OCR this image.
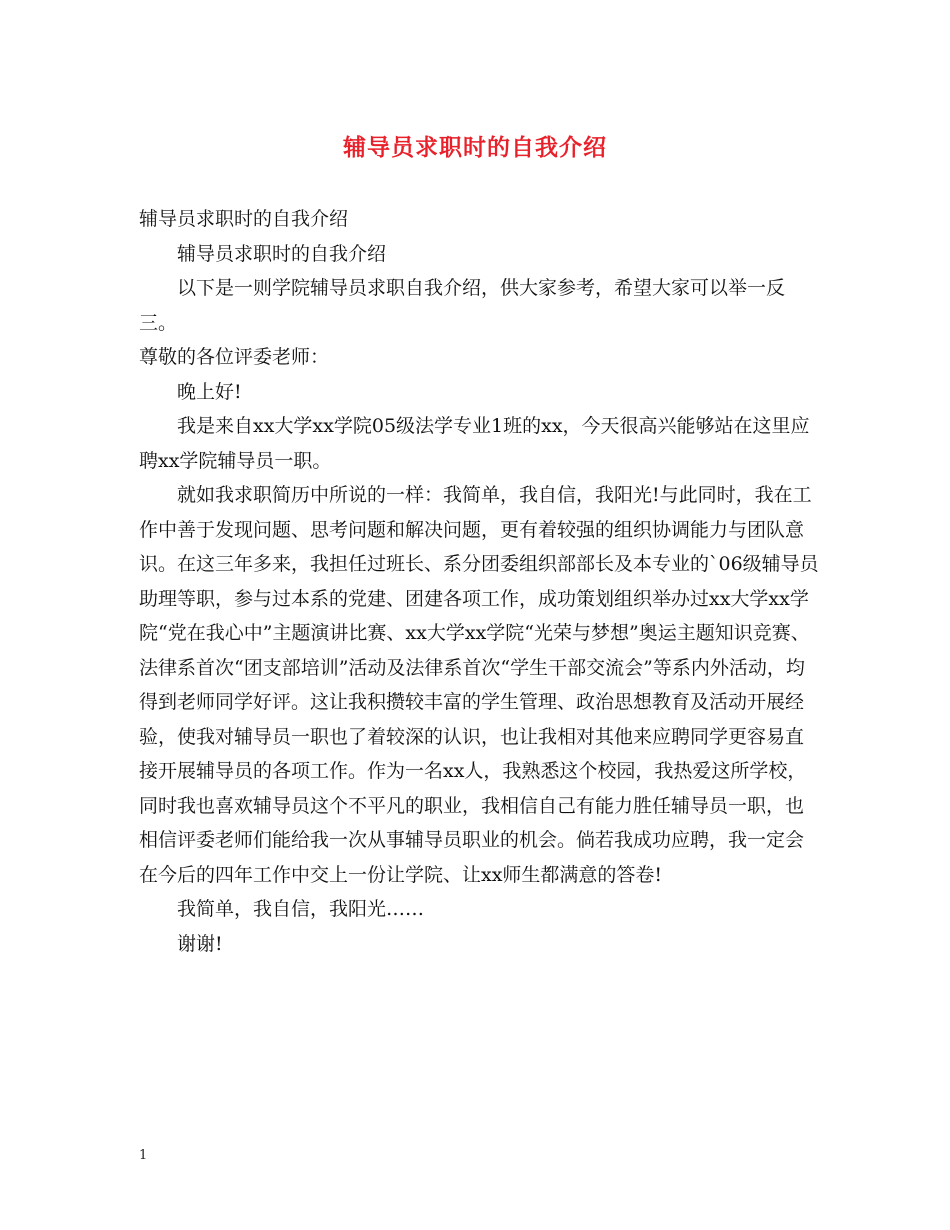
辅导员求职时的自我介绍

辅导员求职时的自我介绍

辅导员求职时的自我介绍

以下是一则学院辅导员求职自我介绍，供大家参考，希望大家可以举一反三。

尊敬的各位评委老师：

晚上好!

我是来自xx大学xx学院05级法学专业1班的xx，今天很高兴能够站在这里应聘xx学院辅导员一职。

就如我求职简历中所说的一样：我简单，我自信，我阳光!与此同时，我在工作中善于发现问题、思考问题和解决问题，更有着较强的组织协调能力与团队意识。在这三年多来，我担任过班长、系分团委组织部部长及本专业的`06级辅导员助理等职，参与过本系的党建、团建各项工作，成功策划组织举办过xx大学xx学院“党在我心中”主题演讲比赛、xx大学xx学院“光荣与梦想”奥运主题知识竞赛、法律系首次“团支部培训”活动及法律系首次“学生干部交流会”等系内外活动，均得到老师同学好评。这让我积攒较丰富的学生管理、政治思想教育及活动开展经验，使我对辅导员一职也了着较深的认识，也让我相对其他来应聘同学更容易直接开展辅导员的各项工作。作为一名xx人，我熟悉这个校园，我热爱这所学校，同时我也喜欢辅导员这个不平凡的职业，我相信自己有能力胜任辅导员一职，也相信评委老师们能给我一次从事辅导员职业的机会。倘若我成功应聘，我一定会在今后的四年工作中交上一份让学院、让xx师生都满意的答卷!

我简单，我自信，我阳光……

谢谢!

1
